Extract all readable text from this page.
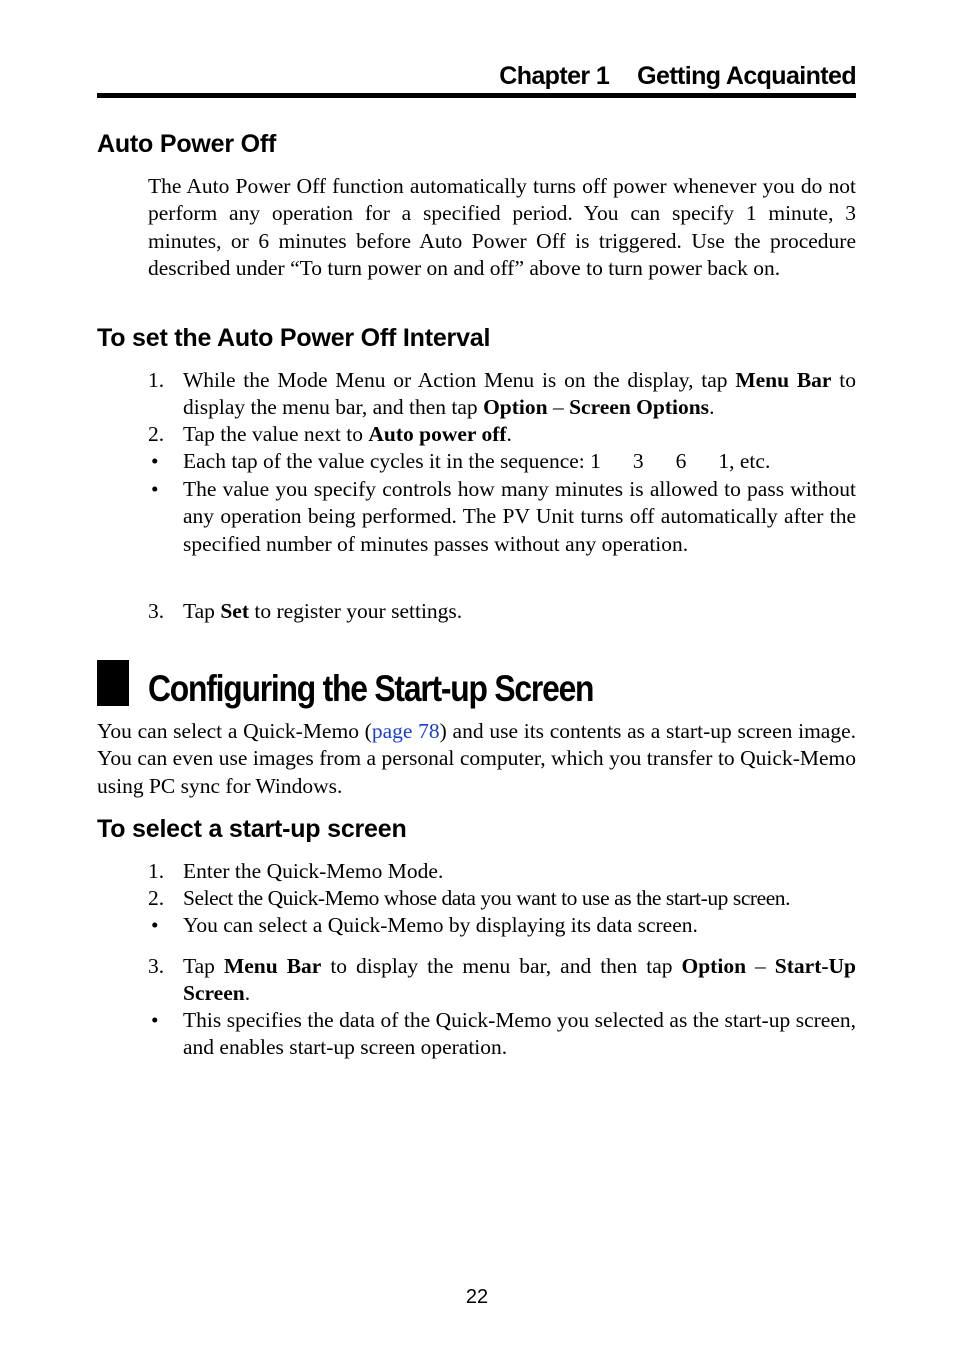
Chapter 1 Getting Acquainted
Auto Power Off

The Auto Power Off function automatically turns off power whenever you do not perform any operation for a specified period. You can specify 1 minute, 3 minutes, or 6 minutes before Auto Power Off is triggered. Use the procedure described under “To turn power on and off” above to turn power back on.

To set the Auto Power Off Interval
1. While the Mode Menu or Action Menu is on the display, tap Menu Bar to display the menu bar, and then tap Option – Screen Options.
2. Tap the value next to Auto power off.
• Each tap of the value cycles it in the sequence: 1 3 6 1, etc.
• The value you specify controls how many minutes is allowed to pass without any operation being performed. The PV Unit turns off automatically after the specified number of minutes passes without any operation.
3. Tap Set to register your settings.
Configuring the Start-up Screen

You can select a Quick-Memo (page 78) and use its contents as a start-up screen image. You can even use images from a personal computer, which you transfer to Quick-Memo using PC sync for Windows.

To select a start-up screen
1. Enter the Quick-Memo Mode.
2. Select the Quick-Memo whose data you want to use as the start-up screen.
• You can select a Quick-Memo by displaying its data screen.
3. Tap Menu Bar to display the menu bar, and then tap Option – Start-Up Screen.
• This specifies the data of the Quick-Memo you selected as the start-up screen, and enables start-up screen operation.
22
